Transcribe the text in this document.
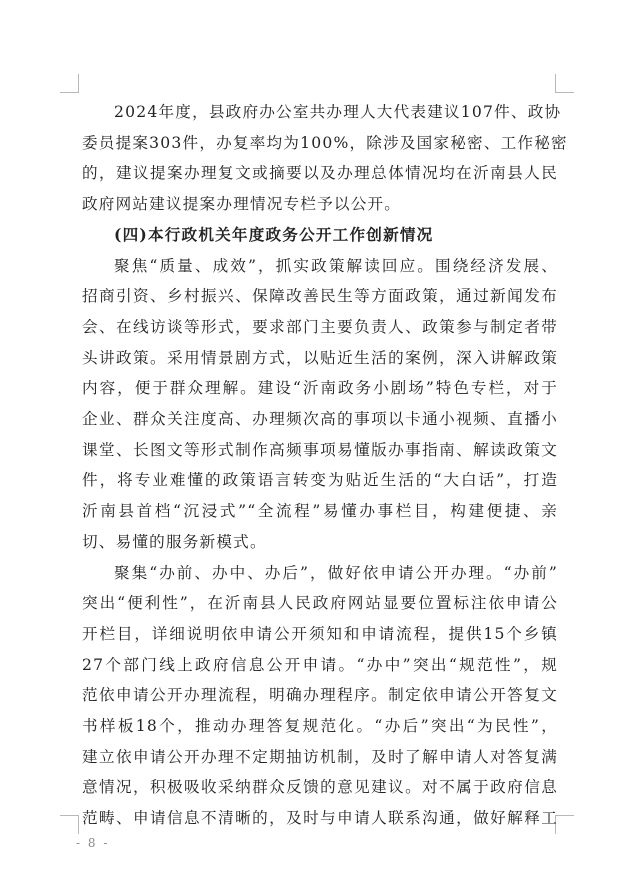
2024年度，县政府办公室共办理人大代表建议107件、政协
委员提案303件，办复率均为100%，除涉及国家秘密、工作秘密
的，建议提案办理复文或摘要以及办理总体情况均在沂南县人民
政府网站建议提案办理情况专栏予以公开。
(四)本行政机关年度政务公开工作创新情况
聚焦“质量、成效”，抓实政策解读回应。围绕经济发展、
招商引资、乡村振兴、保障改善民生等方面政策，通过新闻发布
会、在线访谈等形式，要求部门主要负责人、政策参与制定者带
头讲政策。采用情景剧方式，以贴近生活的案例，深入讲解政策
内容，便于群众理解。建设“沂南政务小剧场”特色专栏，对于
企业、群众关注度高、办理频次高的事项以卡通小视频、直播小
课堂、长图文等形式制作高频事项易懂版办事指南、解读政策文
件，将专业难懂的政策语言转变为贴近生活的“大白话”，打造
沂南县首档“沉浸式”“全流程”易懂办事栏目，构建便捷、亲
切、易懂的服务新模式。
聚集“办前、办中、办后”，做好依申请公开办理。“办前”
突出“便利性”，在沂南县人民政府网站显要位置标注依申请公
开栏目，详细说明依申请公开须知和申请流程，提供15个乡镇
27个部门线上政府信息公开申请。“办中”突出“规范性”，规
范依申请公开办理流程，明确办理程序。制定依申请公开答复文
书样板18个，推动办理答复规范化。“办后”突出“为民性”，
建立依申请公开办理不定期抽访机制，及时了解申请人对答复满
意情况，积极吸收采纳群众反馈的意见建议。对不属于政府信息
范畴、申请信息不清晰的，及时与申请人联系沟通，做好解释工
- 8 -
